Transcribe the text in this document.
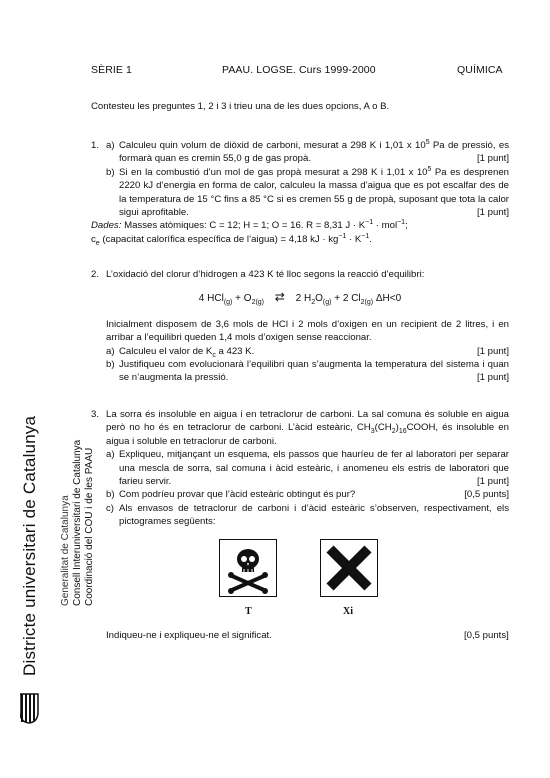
SÈRIE 1	PAAU. LOGSE. Curs 1999-2000	QUÍMICA
Districte universitari de Catalunya Generalitat de Catalunya Consell Interuniversitari de Catalunya Coordinació del COU i de les PAAU
Contesteu les preguntes 1, 2 i 3 i trieu una de les dues opcions, A o B.
1. a) Calculeu quin volum de diòxid de carboni, mesurat a 298 K i 1,01 x $10^5$ Pa de pressió, es formarà quan es cremin 55,0 g de gas propà.	[1 punt]
b) Si en la combustió d’un mol de gas propà mesurat a 298 K i 1,01 x $10^5$ Pa es desprenen 2220 kJ d’energia en forma de calor, calculeu la massa d’aigua que es pot escalfar des de la temperatura de 15 °C fins a 85 °C si es cremen 55 g de propà, suposant que tota la calor sigui aprofitable.	[1 punt]
Dades: Masses atòmiques: C = 12; H = 1; O = 16. R = 8,31 $J \cdot K^{-1} \cdot mol^{-1}$;
$c_e$ (capacitat calorífica específica de l’aigua) = 4,18 kJ · $kg^{-1} \cdot K^{-1}$.
2. L’oxidació del clorur d’hidrogen a 423 K té lloc segons la reacció d’equilibri:
4 $HCl_{(g)} + O_{2(g)}$ ⇄ 2 $H_2O_{(g)} + 2$ $Cl_{2(g)}$ ΔH<0
Inicialment disposem de 3,6 mols de HCl i 2 mols d’oxigen en un recipient de 2 litres, i en arribar a l’equilibri queden 1,4 mols d’oxigen sense reaccionar.
a) Calculeu el valor de $K_c$ a 423 K.	[1 punt]
b) Justifiqueu com evolucionarà l’equilibri quan s’augmenta la temperatura del sistema i quan se n’augmenta la pressió.	[1 punt]
3. La sorra és insoluble en aigua i en tetraclorur de carboni. La sal comuna és soluble en aigua però no ho és en tetraclorur de carboni. L’àcid esteàric, $CH_3(CH_2)_{16}COOH$, és insoluble en aigua i soluble en tetraclorur de carboni.
a) Expliqueu, mitjançant un esquema, els passos que hauríeu de fer al laboratori per separar una mescla de sorra, sal comuna i àcid esteàric, i anomeneu els estris de laboratori que farieu servir.	[1 punt]
b) Com podríeu provar que l’àcid esteàric obtingut és pur?	[0,5 punts]
c) Als envasos de tetraclorur de carboni i d’àcid esteàric s’observen, respectivament, els pictogrames següents:
T	Xi
Indiqueu-ne i expliqueu-ne el significat.	[0,5 punts]
